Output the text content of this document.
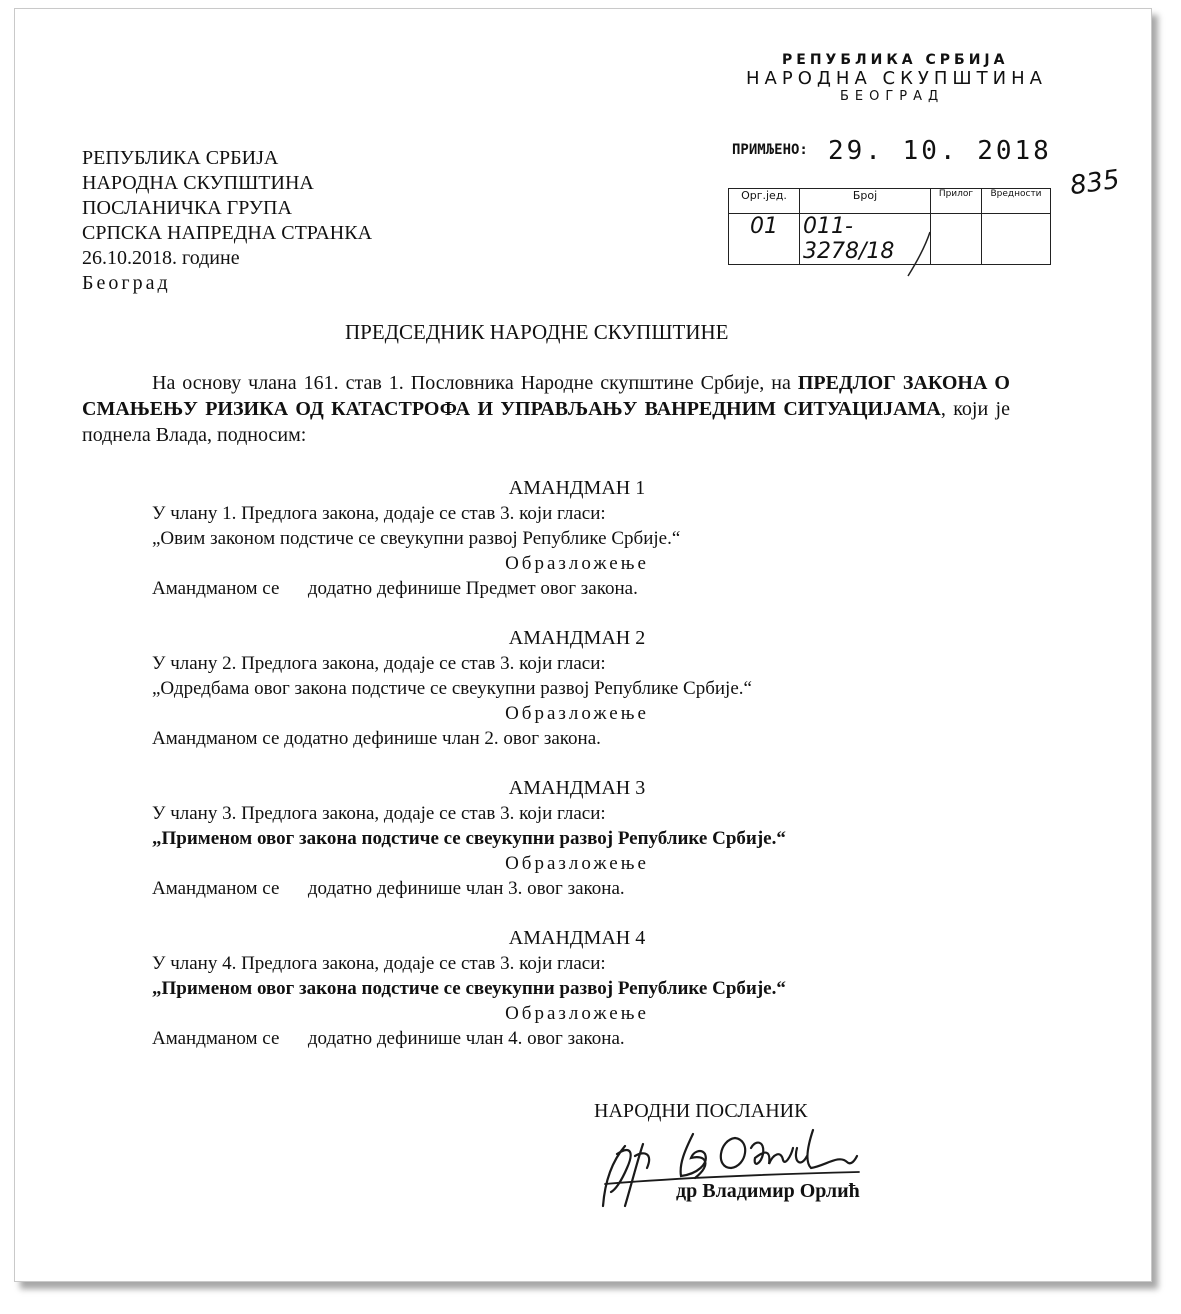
РЕПУБЛИКА СРБИЈА
НАРОДНА СКУПШТИНА
БЕОГРАД
ПРИМЉЕНО: 29. 10. 2018
Орг.јед.	Број	Прилог	Вредности
01	011-3278/18		
835
РЕПУБЛИКА СРБИЈА
НАРОДНА СКУПШТИНА
ПОСЛАНИЧКА ГРУПА
СРПСКА НАПРЕДНА СТРАНКА
26.10.2018. године
Београд
ПРЕДСЕДНИК НАРОДНЕ СКУПШТИНЕ

На основу члана 161. став 1. Пословника Народне скупштине Србије, на ПРЕДЛОГ ЗАКОНА О СМАЊЕЊУ РИЗИКА ОД КАТАСТРОФА И УПРАВЉАЊУ ВАНРЕДНИМ СИТУАЦИЈАМА, који је поднела Влада, подносим:

АМАНДМАН 1
У члану 1. Предлога закона, додаје се став 3. који гласи:
„Овим законом подстиче се свеукупни развој Републике Србије.“
Образложење
Амандманом се      додатно дефинише Предмет овог закона.
АМАНДМАН 2
У члану 2. Предлога закона, додаје се став 3. који гласи:
„Одредбама овог закона подстиче се свеукупни развој Републике Србије.“
Образложење
Амандманом се додатно дефинише члан 2. овог закона.
АМАНДМАН 3
У члану 3. Предлога закона, додаје се став 3. који гласи:
„Применом овог закона подстиче се свеукупни развој Републике Србије.“
Образложење
Амандманом се      додатно дефинише члан 3. овог закона.
АМАНДМАН 4
У члану 4. Предлога закона, додаје се став 3. који гласи:
„Применом овог закона подстиче се свеукупни развој Републике Србије.“
Образложење
Амандманом се      додатно дефинише члан 4. овог закона.
НАРОДНИ ПОСЛАНИК
др Владимир Орлић
